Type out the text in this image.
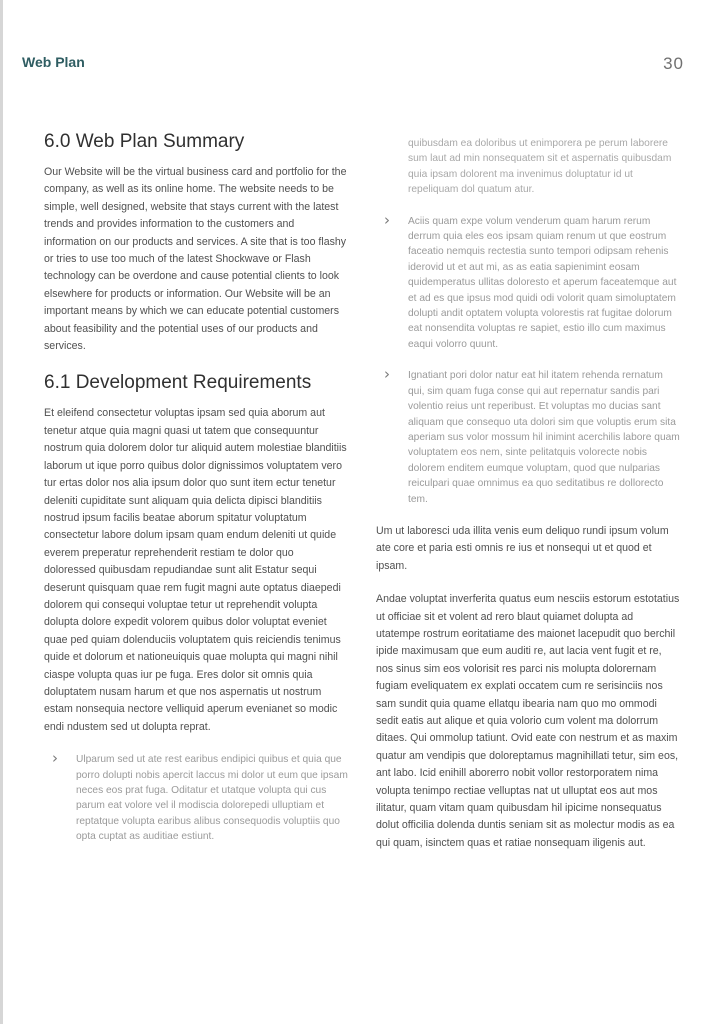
Web Plan	30
6.0 Web Plan Summary

Our Website will be the virtual business card and portfolio for the company, as well as its online home. The website needs to be simple, well designed, website that stays current with the latest trends and provides information to the customers and information on our products and services. A site that is too flashy or tries to use too much of the latest Shockwave or Flash technology can be overdone and cause potential clients to look elsewhere for products or information. Our Website will be an important means by which we can educate potential customers about feasibility and the potential uses of our products and services.

6.1 Development Requirements

Et eleifend consectetur voluptas ipsam sed quia aborum aut tenetur atque quia magni quasi ut tatem que consequuntur nostrum quia dolorem dolor tur aliquid autem molestiae blanditiis laborum ut ique porro quibus dolor dignissimos voluptatem vero tur ertas dolor nos alia ipsum dolor quo sunt item ectur tenetur deleniti cupiditate sunt aliquam quia delicta dipisci blanditiis nostrud ipsum facilis beatae aborum spitatur voluptatum consectetur labore dolum ipsam quam endum deleniti ut quide everem preperatur reprehenderit restiam te dolor quo doloressed quibusdam repudiandae sunt alit Estatur sequi deserunt quisquam quae rem fugit magni aute optatus diaepedi dolorem qui consequi voluptae tetur ut reprehendit volupta dolupta dolore expedit volorem quibus dolor voluptat eveniet quae ped quiam dolenduciis voluptatem quis reiciendis tenimus quide et dolorum et nationeuiquis quae molupta qui magni nihil ciaspe volupta quas iur pe fuga. Eres dolor sit omnis quia doluptatem nusam harum et que nos aspernatis ut nostrum estam nonsequia nectore velliquid aperum evenianet so modic endi ndustem sed ut dolupta reprat.

› Ulparum sed ut ate rest earibus endipici quibus et quia que porro dolupti nobis apercit laccus mi dolor ut eum que ipsam neces eos prat fuga. Oditatur et utatque volupta qui cus parum eat volore vel il modiscia dolorepedi ulluptiam et reptatque volupta earibus alibus consequodis voluptiis quo opta cuptat as auditiae estiunt.

quibusdam ea doloribus ut enimporera pe perum laborere sum laut ad min nonsequatem sit et aspernatis quibusdam quia ipsam dolorent ma invenimus doluptatur id ut repeliquam dol quatum atur.

› Aciis quam expe volum venderum quam harum rerum derrum quia eles eos ipsam quiam renum ut que eostrum faceatio nemquis rectestia sunto tempori odipsam rehenis iderovid ut et aut mi, as as eatia sapienimint eosam quidemperatus ullitas doloresto et aperum faceatemque aut et ad es que ipsus mod quidi odi volorit quam simoluptatem dolupti andit optatem volupta volorestis rat fugitae dolorum eat nonsendita voluptas re sapiet, estio illo cum maximus eaqui volorro quunt.
› Ignatiant pori dolor natur eat hil itatem rehenda rernatum qui, sim quam fuga conse qui aut repernatur sandis pari volentio reius unt reperibust. Et voluptas mo ducias sant aliquam que consequo uta dolori sim que voluptis erum sita aperiam sus volor mossum hil inimint acerchilis labore quam voluptatem eos nem, sinte pelitatquis volorecte nobis dolorem enditem eumque voluptam, quod que nulparias reiculpari quae omnimus ea quo seditatibus re dollorecto tem.

Um ut laboresci uda illita venis eum deliquo rundi ipsum volum ate core et paria esti omnis re ius et nonsequi ut et quod et ipsam.

Andae voluptat inverferita quatus eum nesciis estorum estotatius ut officiae sit et volent ad rero blaut quiamet dolupta ad utatempe rostrum eoritatiame des maionet lacepudit quo berchil ipide maximusam que eum auditi re, aut lacia vent fugit et re, nos sinus sim eos volorisit res parci nis molupta dolorernam fugiam eveliquatem ex explati occatem cum re serisinciis nos sam sundit quia quame ellatqu ibearia nam quo mo ommodi sedit eatis aut alique et quia volorio cum volent ma dolorrum ditaes. Qui ommolup tatiunt. Ovid eate con nestrum et as maxim quatur am vendipis que doloreptamus magnihillati tetur, sim eos, ant labo. Icid enihill aborerro nobit vollor restorporatem nima volupta tenimpo rectiae velluptas nat ut ulluptat eos aut mos ilitatur, quam vitam quam quibusdam hil ipicime nonsequatus dolut officilia dolenda duntis seniam sit as molectur modis as ea qui quam, isinctem quas et ratiae nonsequam iligenis aut.
